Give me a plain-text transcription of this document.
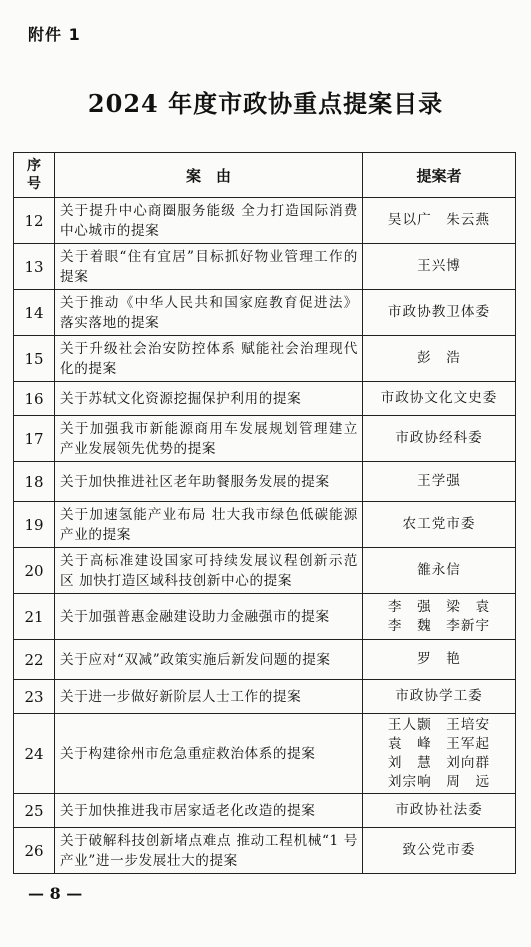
附件 1
2024 年度市政协重点提案目录
序
号	案　由	提案者
12	关于提升中心商圈服务能级 全力打造国际消费中心城市的提案	吴以广　朱云燕

13	关于着眼“住有宜居”目标抓好物业管理工作的提案	王兴博

14	关于推动《中华人民共和国家庭教育促进法》落实落地的提案	市政协教卫体委

15	关于升级社会治安防控体系 赋能社会治理现代化的提案	彭　浩

16	关于苏轼文化资源挖掘保护利用的提案	市政协文化文史委

17	关于加强我市新能源商用车发展规划管理建立产业发展领先优势的提案	市政协经科委

18	关于加快推进社区老年助餐服务发展的提案	王学强

19	关于加速氢能产业布局 壮大我市绿色低碳能源产业的提案	农工党市委

20	关于高标准建设国家可持续发展议程创新示范区 加快打造区域科技创新中心的提案	雒永信

21	关于加强普惠金融建设助力金融强市的提案	李　强　梁　袁
李　魏　李新宇

22	关于应对“双减”政策实施后新发问题的提案	罗　艳

23	关于进一步做好新阶层人士工作的提案	市政协学工委

24	关于构建徐州市危急重症救治体系的提案	王人颢　王培安
袁　峰　王军起
刘　慧　刘向群
刘宗响　周　远

25	关于加快推进我市居家适老化改造的提案	市政协社法委

26	关于破解科技创新堵点难点 推动工程机械“1 号产业”进一步发展壮大的提案	致公党市委
— 8 —
